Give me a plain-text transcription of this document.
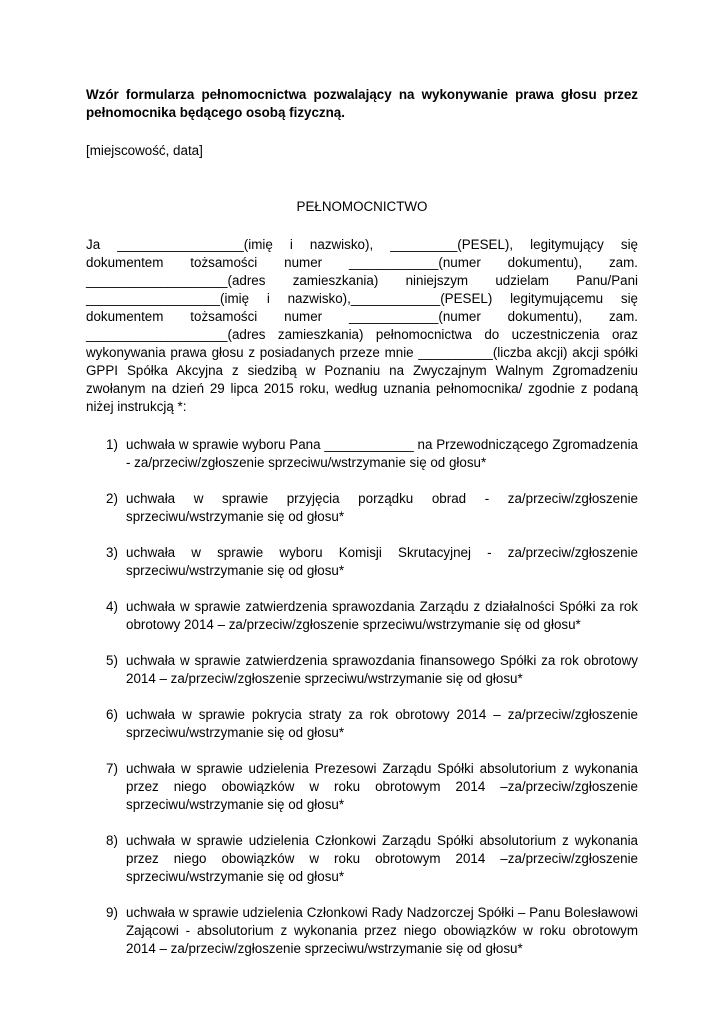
Wzór formularza pełnomocnictwa pozwalający na wykonywanie prawa głosu przez pełnomocnika będącego osobą fizyczną.

[miejscowość, data]

PEŁNOMOCNICTWO

Ja _________________(imię i nazwisko), _________(PESEL), legitymujący się dokumentem tożsamości numer ____________(numer dokumentu), zam. ___________________(adres zamieszkania) niniejszym udzielam Panu/Pani __________________(imię i nazwisko),____________(PESEL) legitymującemu się dokumentem tożsamości numer ____________(numer dokumentu), zam. ___________________(adres zamieszkania) pełnomocnictwa do uczestniczenia oraz wykonywania prawa głosu z posiadanych przeze mnie __________(liczba akcji) akcji spółki GPPI Spółka Akcyjna z siedzibą w Poznaniu na Zwyczajnym Walnym Zgromadzeniu zwołanym na dzień 29 lipca 2015 roku, według uznania pełnomocnika/ zgodnie z podaną niżej instrukcją *:

1) uchwała w sprawie wyboru Pana ____________ na Przewodniczącego Zgromadzenia - za/przeciw/zgłoszenie sprzeciwu/wstrzymanie się od głosu*
2) uchwała w sprawie przyjęcia porządku obrad - za/przeciw/zgłoszenie sprzeciwu/wstrzymanie się od głosu*
3) uchwała w sprawie wyboru Komisji Skrutacyjnej - za/przeciw/zgłoszenie sprzeciwu/wstrzymanie się od głosu*
4) uchwała w sprawie zatwierdzenia sprawozdania Zarządu z działalności Spółki za rok obrotowy 2014 – za/przeciw/zgłoszenie sprzeciwu/wstrzymanie się od głosu*
5) uchwała w sprawie zatwierdzenia sprawozdania finansowego Spółki za rok obrotowy 2014 – za/przeciw/zgłoszenie sprzeciwu/wstrzymanie się od głosu*
6) uchwała w sprawie pokrycia straty za rok obrotowy 2014 – za/przeciw/zgłoszenie sprzeciwu/wstrzymanie się od głosu*
7) uchwała w sprawie udzielenia Prezesowi Zarządu Spółki absolutorium z wykonania przez niego obowiązków w roku obrotowym 2014 –za/przeciw/zgłoszenie sprzeciwu/wstrzymanie się od głosu*
8) uchwała w sprawie udzielenia Członkowi Zarządu Spółki absolutorium z wykonania przez niego obowiązków w roku obrotowym 2014 –za/przeciw/zgłoszenie sprzeciwu/wstrzymanie się od głosu*
9) uchwała w sprawie udzielenia Członkowi Rady Nadzorczej Spółki – Panu Bolesławowi Zającowi - absolutorium z wykonania przez niego obowiązków w roku obrotowym 2014 – za/przeciw/zgłoszenie sprzeciwu/wstrzymanie się od głosu*
